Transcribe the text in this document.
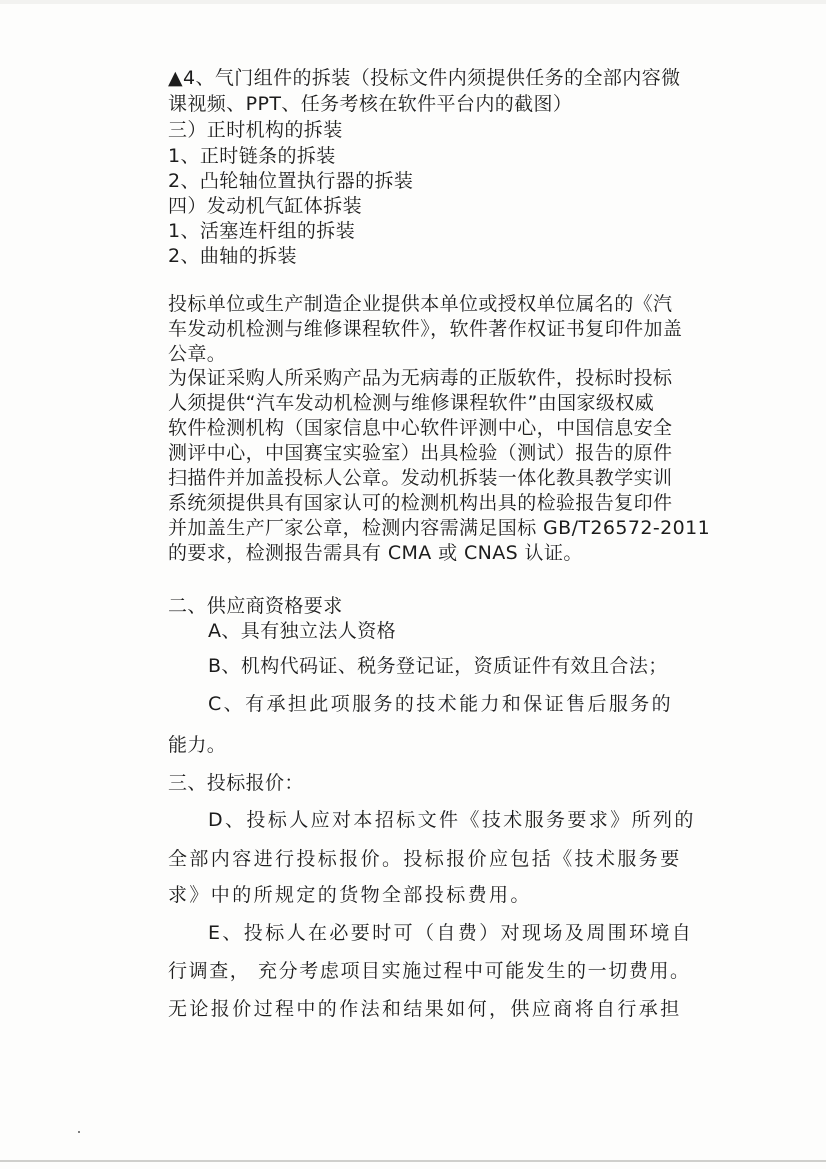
▲4、气门组件的拆装（投标文件内须提供任务的全部内容微
课视频、PPT、任务考核在软件平台内的截图）
三）正时机构的拆装
1、正时链条的拆装
2、凸轮轴位置执行器的拆装
四）发动机气缸体拆装
1、活塞连杆组的拆装
2、曲轴的拆装
投标单位或生产制造企业提供本单位或授权单位属名的《汽
车发动机检测与维修课程软件》，软件著作权证书复印件加盖
公章。
为保证采购人所采购产品为无病毒的正版软件，投标时投标
人须提供“汽车发动机检测与维修课程软件”由国家级权威
软件检测机构（国家信息中心软件评测中心，中国信息安全
测评中心，中国赛宝实验室）出具检验（测试）报告的原件
扫描件并加盖投标人公章。发动机拆装一体化教具教学实训
系统须提供具有国家认可的检测机构出具的检验报告复印件
并加盖生产厂家公章，检测内容需满足国标 GB/T26572-2011
的要求，检测报告需具有 CMA 或 CNAS 认证。
二、供应商资格要求
A、具有独立法人资格
B、机构代码证、税务登记证，资质证件有效且合法；
C、有承担此项服务的技术能力和保证售后服务的
能力。
三、投标报价：
D、投标人应对本招标文件《技术服务要求》所列的
全部内容进行投标报价。投标报价应包括《技术服务要
求》中的所规定的货物全部投标费用。
E、投标人在必要时可（自费）对现场及周围环境自
行调查， 充分考虑项目实施过程中可能发生的一切费用。
无论报价过程中的作法和结果如何，供应商将自行承担
